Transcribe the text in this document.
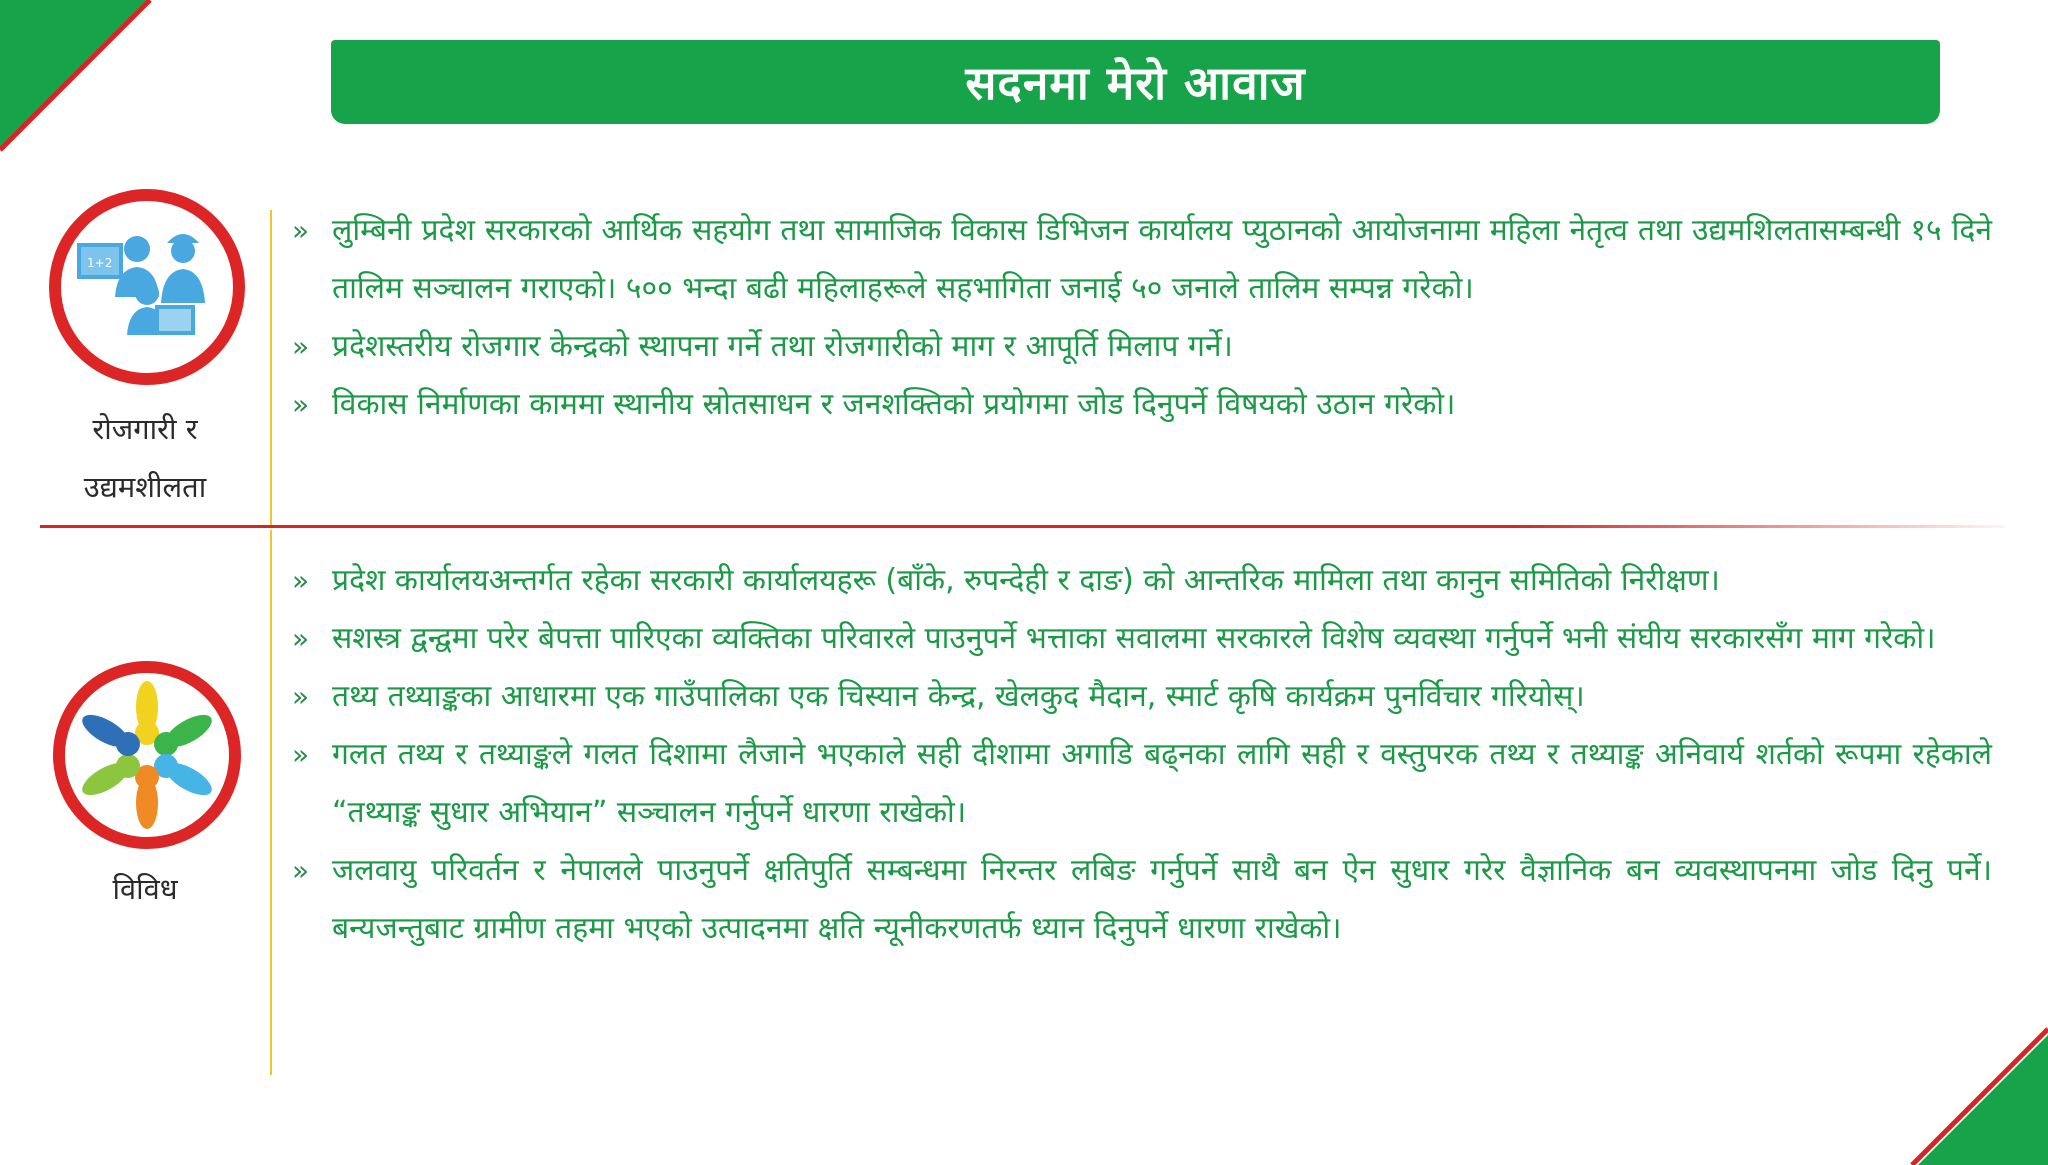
सदनमा मेरो आवाज
1+2
रोजगारी र
उद्यमशीलता
» लुम्बिनी प्रदेश सरकारको आर्थिक सहयोग तथा सामाजिक विकास डिभिजन कार्यालय प्युठानको आयोजनामा महिला नेतृत्व तथा उद्यमशिलतासम्बन्धी १५ दिने तालिम सञ्चालन गराएको। ५०० भन्दा बढी महिलाहरूले सहभागिता जनाई ५० जनाले तालिम सम्पन्न गरेको।
» प्रदेशस्तरीय रोजगार केन्द्रको स्थापना गर्ने तथा रोजगारीको माग र आपूर्ति मिलाप गर्ने।
» विकास निर्माणका काममा स्थानीय स्रोतसाधन र जनशक्तिको प्रयोगमा जोड दिनुपर्ने विषयको उठान गरेको।
विविध
» प्रदेश कार्यालयअन्तर्गत रहेका सरकारी कार्यालयहरू (बाँके, रुपन्देही र दाङ) को आन्तरिक मामिला तथा कानुन समितिको निरीक्षण।
» सशस्त्र द्वन्द्वमा परेर बेपत्ता पारिएका व्यक्तिका परिवारले पाउनुपर्ने भत्ताका सवालमा सरकारले विशेष व्यवस्था गर्नुपर्ने भनी संघीय सरकारसँग माग गरेको।
» तथ्य तथ्याङ्कका आधारमा एक गाउँपालिका एक चिस्यान केन्द्र, खेलकुद मैदान, स्मार्ट कृषि कार्यक्रम पुनर्विचार गरियोस्।
» गलत तथ्य र तथ्याङ्कले गलत दिशामा लैजाने भएकाले सही दीशामा अगाडि बढ्नका लागि सही र वस्तुपरक तथ्य र तथ्याङ्क अनिवार्य शर्तको रूपमा रहेकाले “तथ्याङ्क सुधार अभियान” सञ्चालन गर्नुपर्ने धारणा राखेको।
» जलवायु परिवर्तन र नेपालले पाउनुपर्ने क्षतिपुर्ति सम्बन्धमा निरन्तर लबिङ गर्नुपर्ने साथै बन ऐन सुधार गरेर वैज्ञानिक बन व्यवस्थापनमा जोड दिनु पर्ने। बन्यजन्तुबाट ग्रामीण तहमा भएको उत्पादनमा क्षति न्यूनीकरणतर्फ ध्यान दिनुपर्ने धारणा राखेको।
